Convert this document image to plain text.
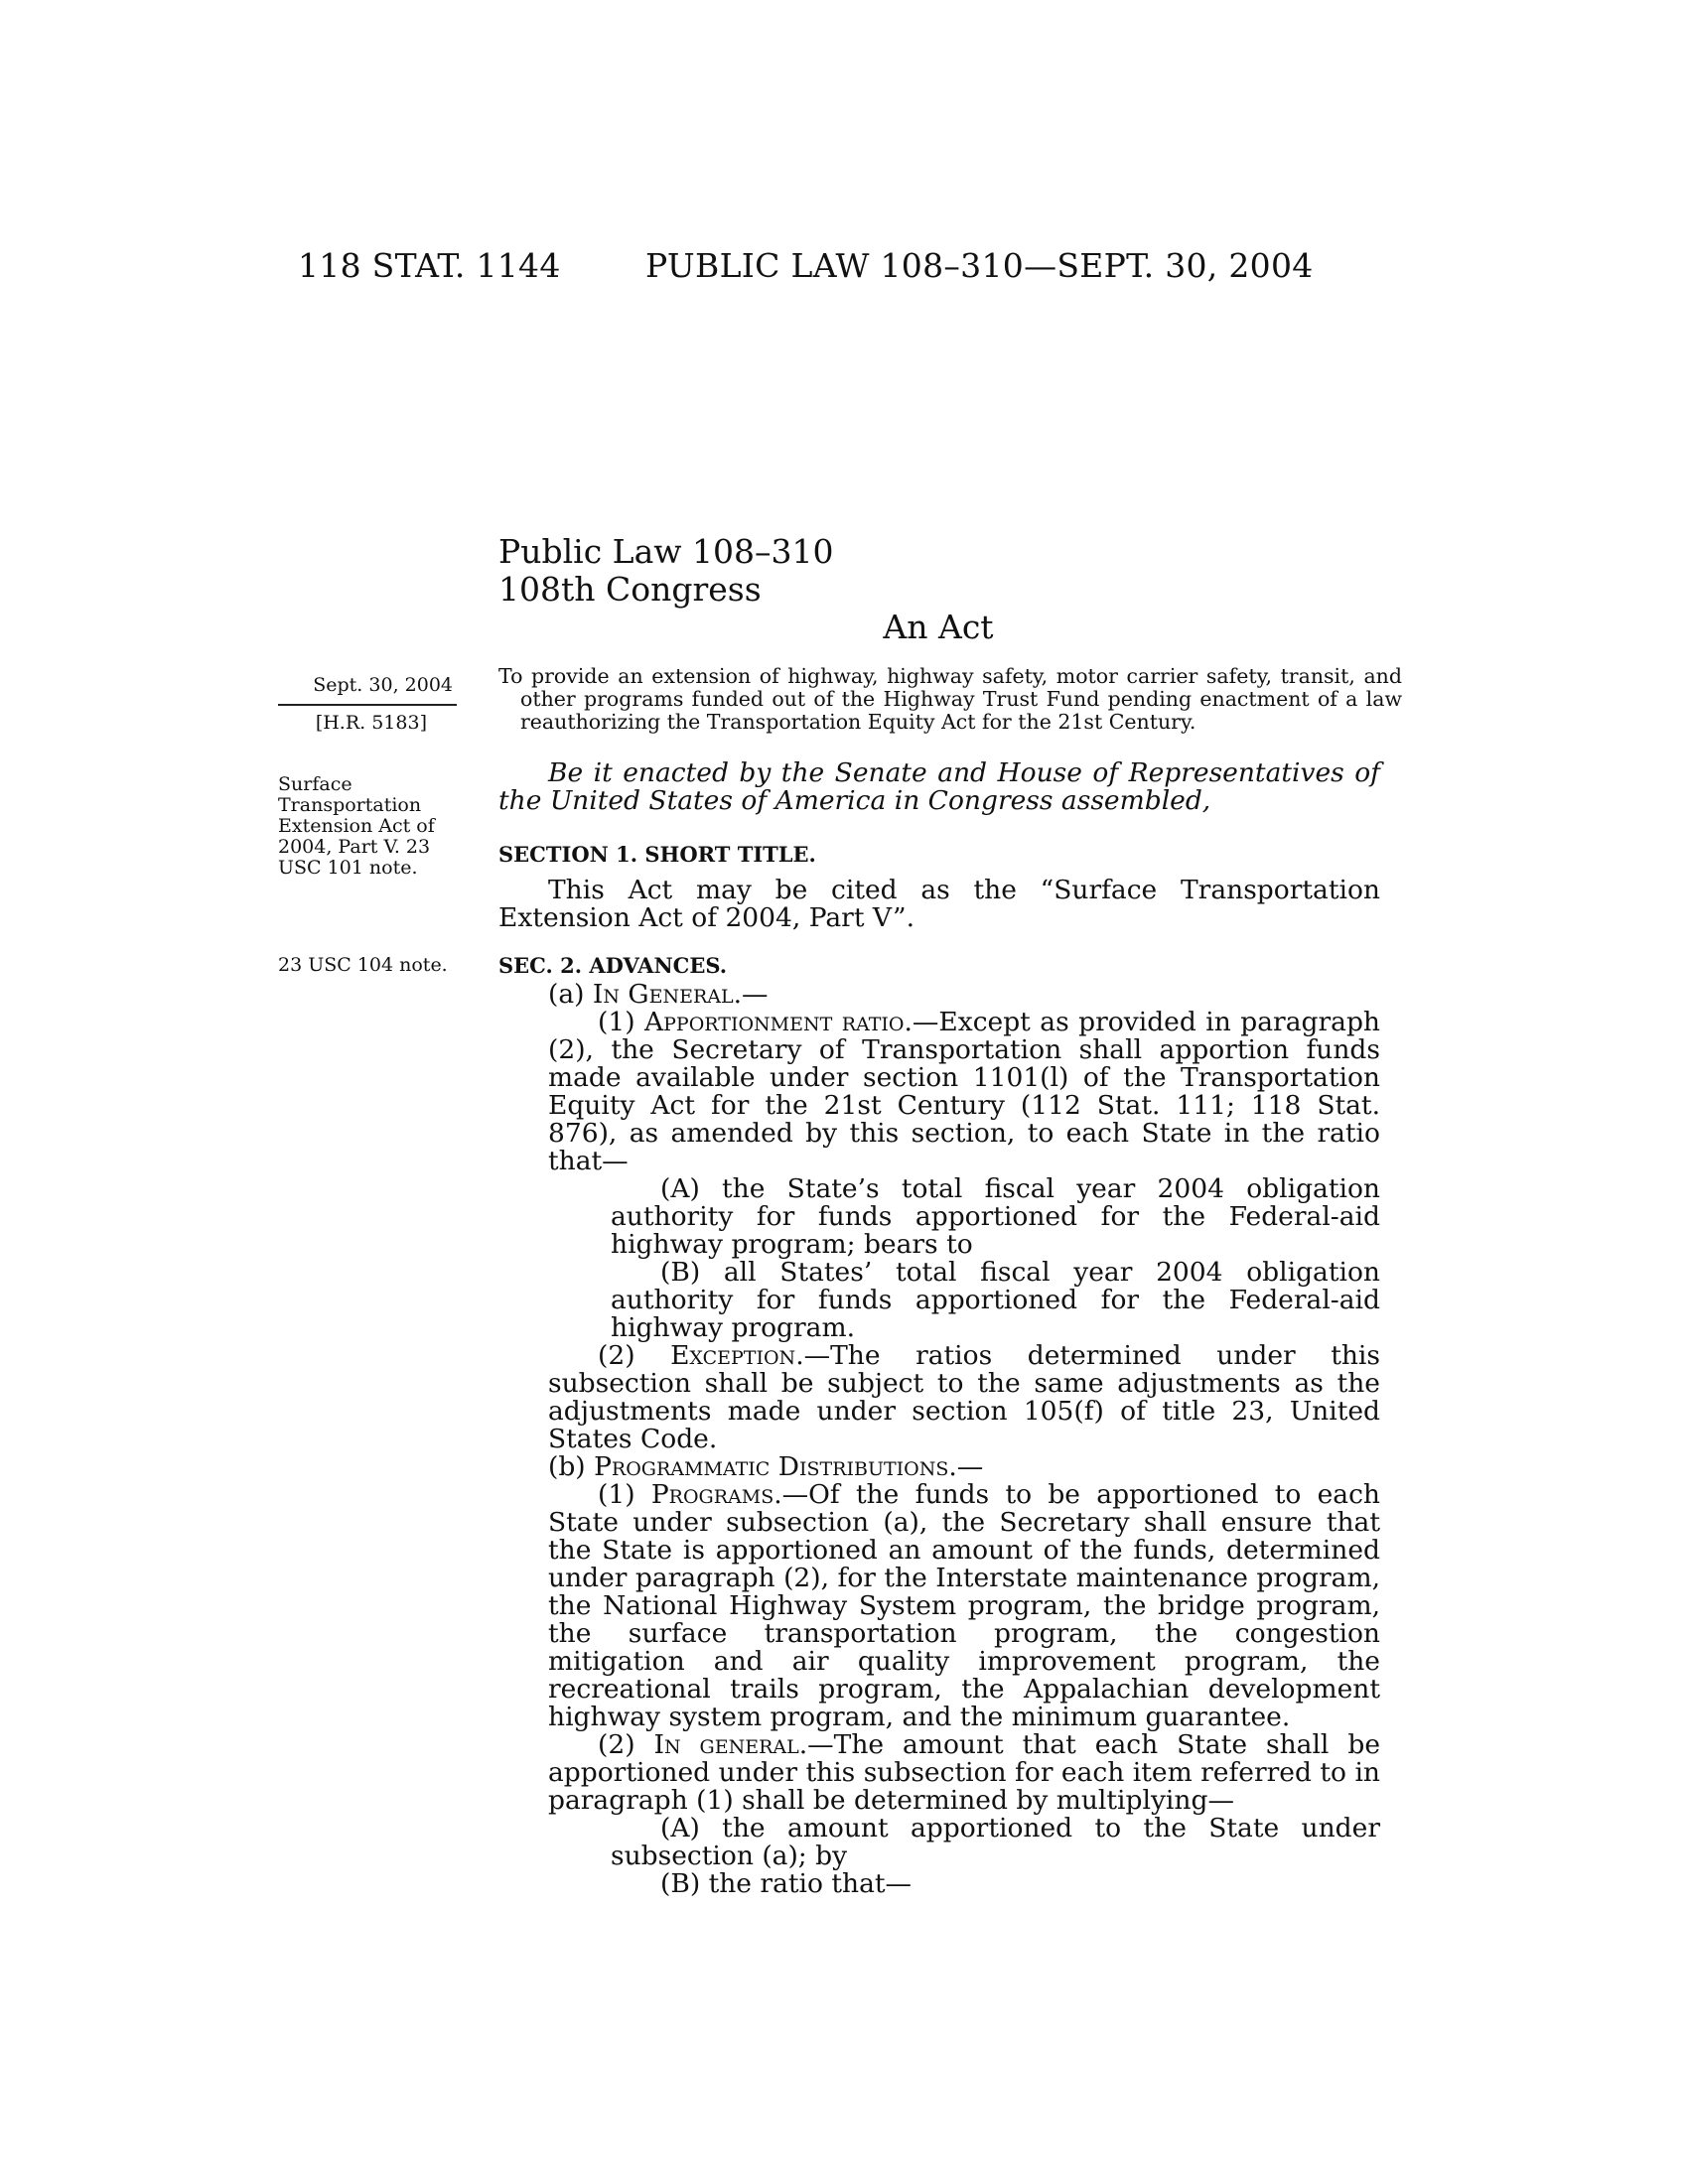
118 STAT. 1144	PUBLIC LAW 108–310—SEPT. 30, 2004
Public Law 108–310
108th Congress
An Act
Sept. 30, 2004
[H.R. 5183]
To provide an extension of highway, highway safety, motor carrier safety, transit, and other programs funded out of the Highway Trust Fund pending enactment of a law reauthorizing the Transportation Equity Act for the 21st Century.
Surface Transportation Extension Act of 2004, Part V. 23 USC 101 note.
Be it enacted by the Senate and House of Representatives of the United States of America in Congress assembled,
SECTION 1. SHORT TITLE.
This Act may be cited as the “Surface Transportation Extension Act of 2004, Part V”.
23 USC 104 note.	SEC. 2. ADVANCES.

(a) In General.—

(1) Apportionment ratio.—Except as provided in paragraph (2), the Secretary of Transportation shall apportion funds made available under section 1101(l) of the Transportation Equity Act for the 21st Century (112 Stat. 111; 118 Stat. 876), as amended by this section, to each State in the ratio that—

(A) the State’s total fiscal year 2004 obligation authority for funds apportioned for the Federal-aid highway program; bears to

(B) all States’ total fiscal year 2004 obligation authority for funds apportioned for the Federal-aid highway program.

(2) Exception.—The ratios determined under this subsection shall be subject to the same adjustments as the adjustments made under section 105(f) of title 23, United States Code.

(b) Programmatic Distributions.—

(1) Programs.—Of the funds to be apportioned to each State under subsection (a), the Secretary shall ensure that the State is apportioned an amount of the funds, determined under paragraph (2), for the Interstate maintenance program, the National Highway System program, the bridge program, the surface transportation program, the congestion mitigation and air quality improvement program, the recreational trails program, the Appalachian development highway system program, and the minimum guarantee.

(2) In general.—The amount that each State shall be apportioned under this subsection for each item referred to in paragraph (1) shall be determined by multiplying—

(A) the amount apportioned to the State under subsection (a); by

(B) the ratio that—
